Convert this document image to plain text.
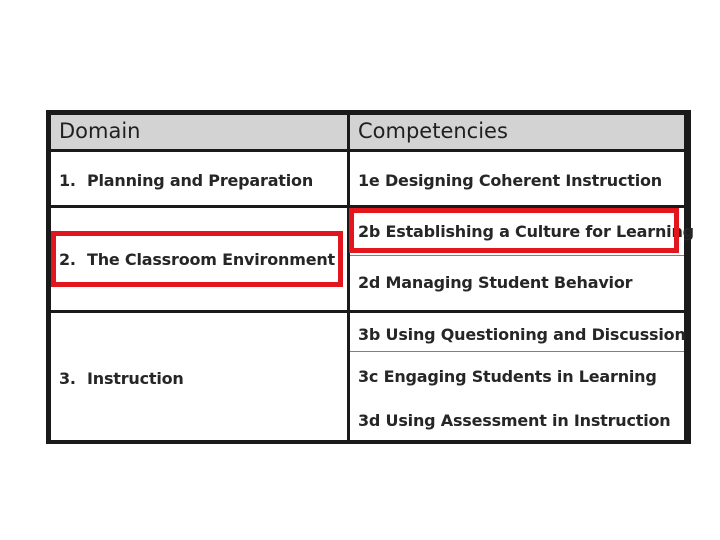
Domain	Competencies
1. Planning and Preparation	1e Designing Coherent Instruction
2. The Classroom Environment
2b Establishing a Culture for Learning
2d Managing Student Behavior
3. Instruction
3b Using Questioning and Discussion
3c Engaging Students in Learning
3d Using Assessment in Instruction
